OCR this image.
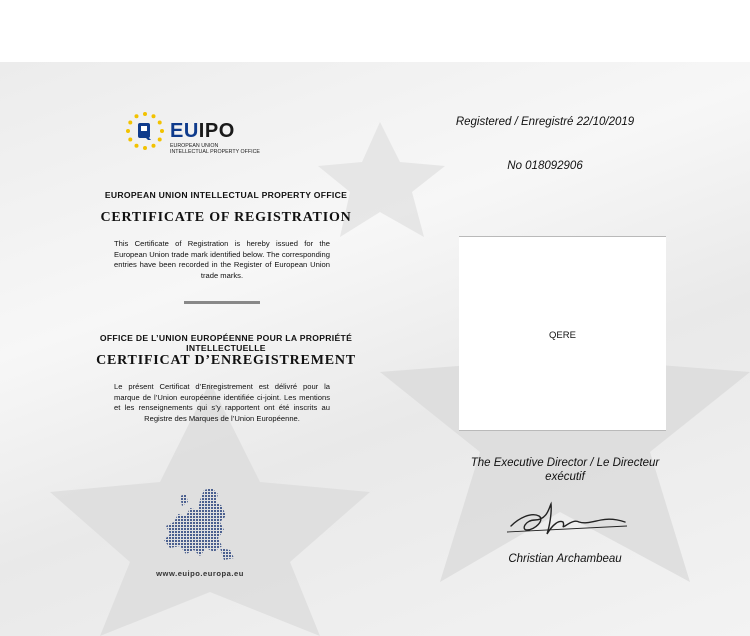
EUIPO
EUROPEAN UNION
INTELLECTUAL PROPERTY OFFICE
EUROPEAN UNION INTELLECTUAL PROPERTY OFFICE
CERTIFICATE OF REGISTRATION
This Certificate of Registration is hereby issued for the European Union trade mark identified below. The corresponding entries have been recorded in the Register of European Union trade marks.
OFFICE DE L’UNION EUROPÉENNE POUR LA PROPRIÉTÉ INTELLECTUELLE
CERTIFICAT D’ENREGISTREMENT
Le présent Certificat d’Enregistrement est délivré pour la marque de l’Union européenne identifiée ci-joint. Les mentions et les renseignements qui s’y rapportent ont été inscrits au Registre des Marques de l’Union Européenne.
www.euipo.europa.eu
Registered / Enregistré 22/10/2019
No 018092906
QERE
The Executive Director / Le Directeur exécutif
Christian Archambeau
